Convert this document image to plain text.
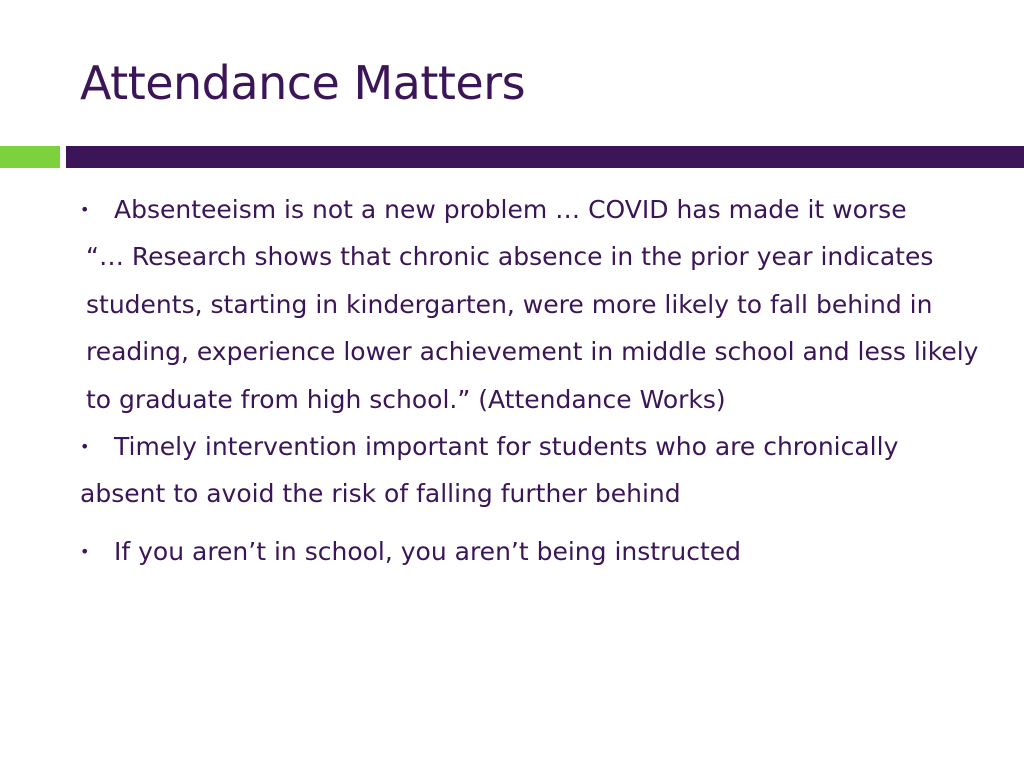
Attendance Matters

• Absenteeism is not a new problem … COVID has made it worse

“… Research shows that chronic absence in the prior year indicates students, starting in kindergarten, were more likely to fall behind in reading, experience lower achievement in middle school and less likely to graduate from high school.” (Attendance Works)

• Timely intervention important for students who are chronically absent to avoid the risk of falling further behind

• If you aren’t in school, you aren’t being instructed
